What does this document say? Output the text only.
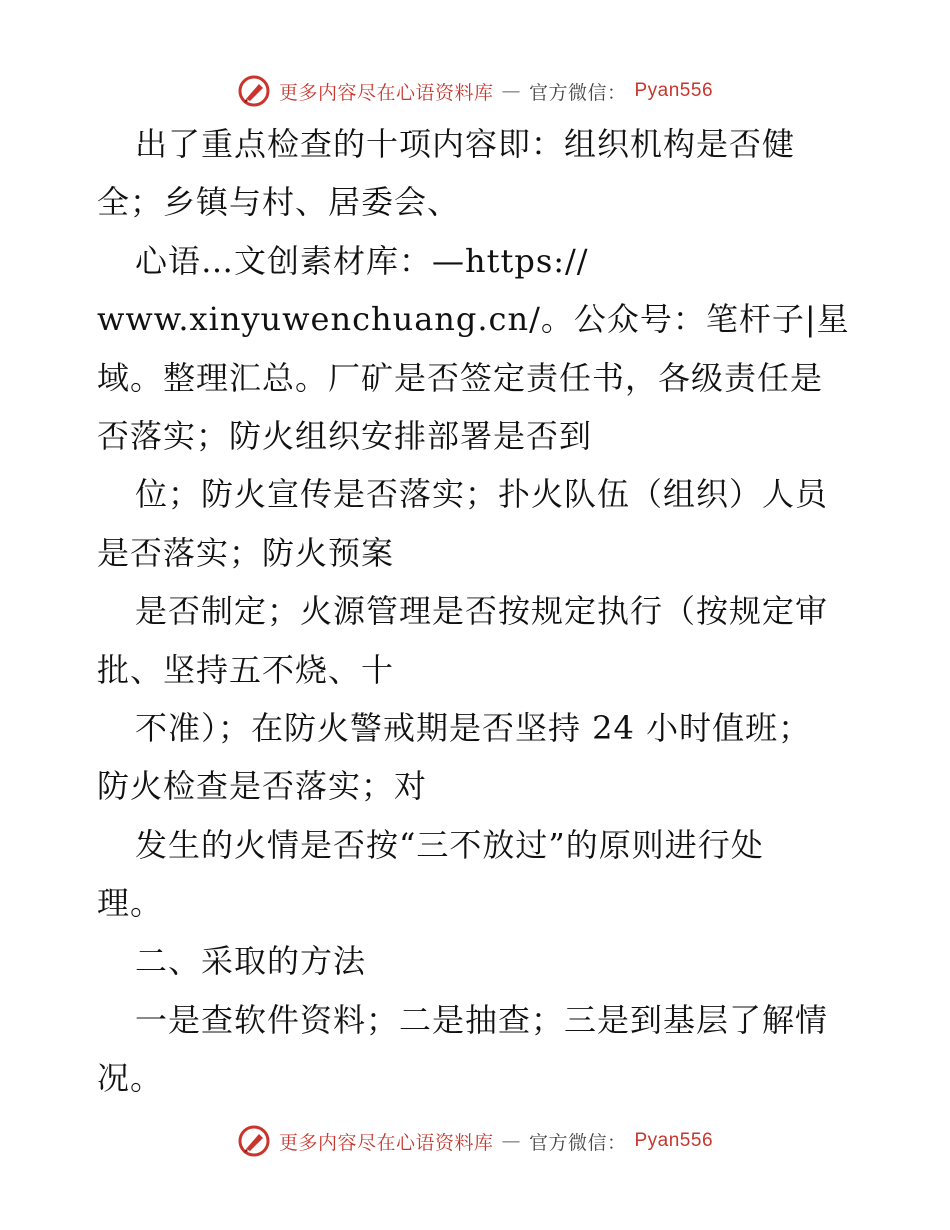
更多内容尽在心语资料库 — 官方微信： Pyan556
出了重点检查的十项内容即：组织机构是否健
全；乡镇与村、居委会、
心语…文创素材库：—https://
www.xinyuwenchuang.cn/。公众号：笔杆子|星
域。整理汇总。厂矿是否签定责任书，各级责任是
否落实；防火组织安排部署是否到
位；防火宣传是否落实；扑火队伍（组织）人员
是否落实；防火预案
是否制定；火源管理是否按规定执行（按规定审
批、坚持五不烧、十
不准）；在防火警戒期是否坚持 24 小时值班；
防火检查是否落实；对
发生的火情是否按“三不放过”的原则进行处
理。
二、采取的方法
一是查软件资料；二是抽查；三是到基层了解情
况。
更多内容尽在心语资料库 — 官方微信： Pyan556
